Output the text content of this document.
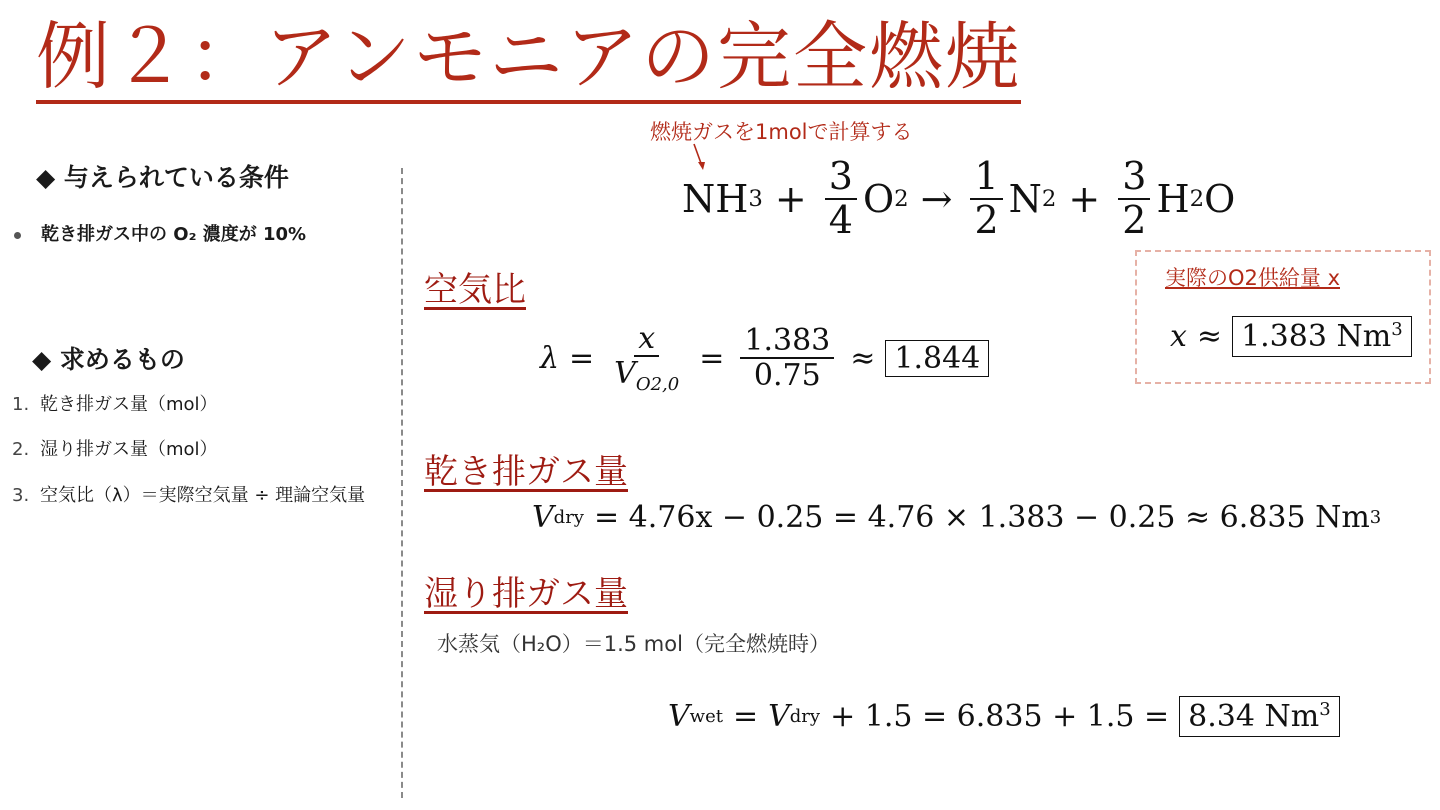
例２：アンモニアの完全燃焼
◆ 与えられている条件
乾き排ガス中の O₂ 濃度が 10%
◆ 求めるもの
1. 乾き排ガス量（mol）
2. 湿り排ガス量（mol）
3. 空気比（λ）＝実際空気量 ÷ 理論空気量
燃焼ガスを1molで計算する
NH $3 + \frac{3}{4}$ O $2 \to \frac{1}{2}$ N $2 + \frac{3}{2}$ H 2 O
空気比
$\lambda = \frac{x}{V_{O2,0}} = \frac{1.383}{0.75} \approx 1.844$
実際のO2供給量 x
x ≈ 1.383 Nm$^3$
乾き排ガス量
V dry = 4.76x − 0.25 = 4.76 × 1.383 − 0.25 ≈ 6.835 Nm 3
湿り排ガス量
水蒸気（H₂O）＝1.5 mol（完全燃焼時）
V wet = V dry + 1.5 = 6.835 + 1.5 = 8.34 Nm$^3$
